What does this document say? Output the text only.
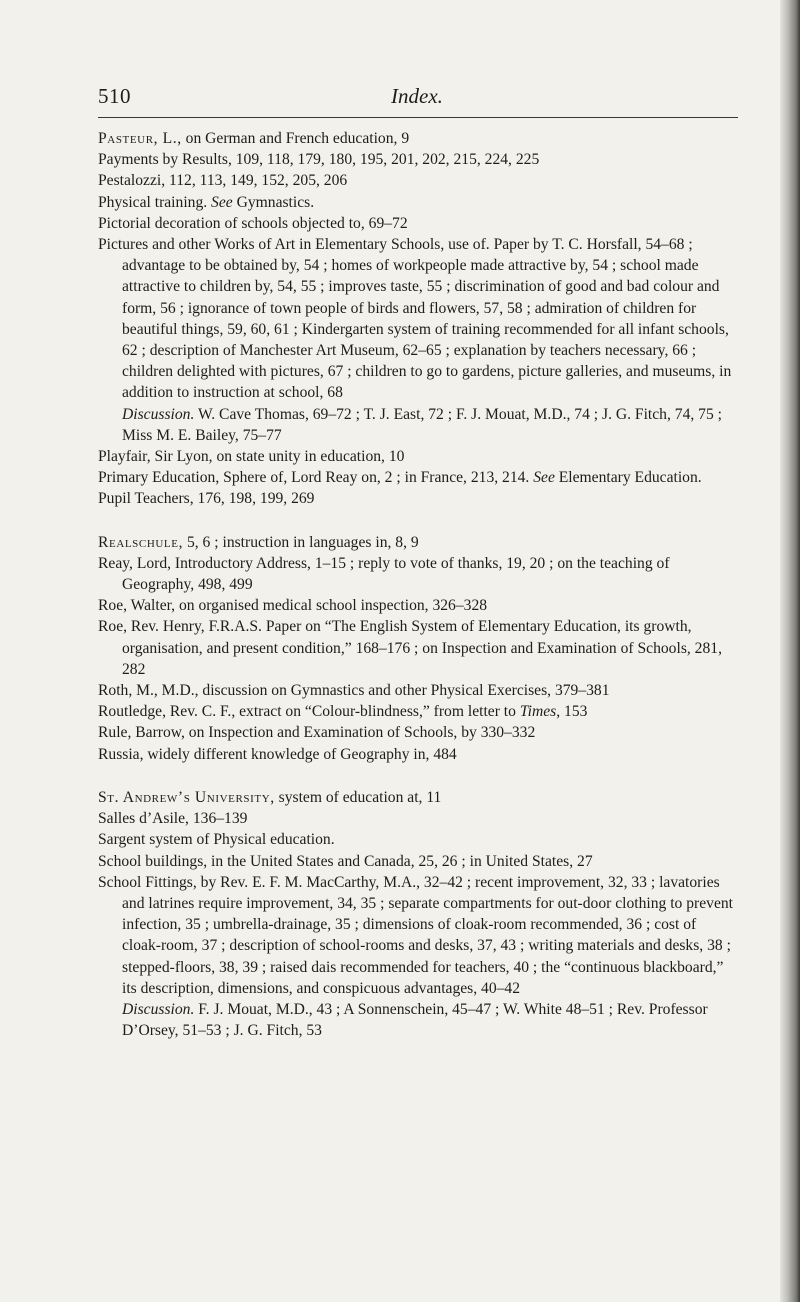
510	Index.

Pasteur, L., on German and French education, 9

Payments by Results, 109, 118, 179, 180, 195, 201, 202, 215, 224, 225

Pestalozzi, 112, 113, 149, 152, 205, 206

Physical training. See Gymnastics.

Pictorial decoration of schools objected to, 69–72

Pictures and other Works of Art in Elementary Schools, use of. Paper by T. C. Horsfall, 54–68 ; advantage to be obtained by, 54 ; homes of workpeople made attractive by, 54 ; school made attractive to children by, 54, 55 ; improves taste, 55 ; discrimination of good and bad colour and form, 56 ; ignorance of town people of birds and flowers, 57, 58 ; admiration of children for beautiful things, 59, 60, 61 ; Kindergarten system of training recommended for all infant schools, 62 ; description of Manchester Art Museum, 62–65 ; explanation by teachers necessary, 66 ; children delighted with pictures, 67 ; children to go to gardens, picture galleries, and museums, in addition to instruction at school, 68

Discussion. W. Cave Thomas, 69–72 ; T. J. East, 72 ; F. J. Mouat, M.D., 74 ; J. G. Fitch, 74, 75 ; Miss M. E. Bailey, 75–77

Playfair, Sir Lyon, on state unity in education, 10

Primary Education, Sphere of, Lord Reay on, 2 ; in France, 213, 214. See Elementary Education.

Pupil Teachers, 176, 198, 199, 269

Realschule, 5, 6 ; instruction in languages in, 8, 9

Reay, Lord, Introductory Address, 1–15 ; reply to vote of thanks, 19, 20 ; on the teaching of Geography, 498, 499

Roe, Walter, on organised medical school inspection, 326–328

Roe, Rev. Henry, F.R.A.S. Paper on “The English System of Elementary Education, its growth, organisation, and present condition,” 168–176 ; on Inspection and Examination of Schools, 281, 282

Roth, M., M.D., discussion on Gymnastics and other Physical Exercises, 379–381

Routledge, Rev. C. F., extract on “Colour-blindness,” from letter to Times, 153

Rule, Barrow, on Inspection and Examination of Schools, by 330–332

Russia, widely different knowledge of Geography in, 484

St. Andrew’s University, system of education at, 11

Salles d’Asile, 136–139

Sargent system of Physical education.

School buildings, in the United States and Canada, 25, 26 ; in United States, 27

School Fittings, by Rev. E. F. M. MacCarthy, M.A., 32–42 ; recent improvement, 32, 33 ; lavatories and latrines require improvement, 34, 35 ; separate compartments for out-door clothing to prevent infection, 35 ; umbrella-drainage, 35 ; dimensions of cloak-room recommended, 36 ; cost of cloak-room, 37 ; description of school-rooms and desks, 37, 43 ; writing materials and desks, 38 ; stepped-floors, 38, 39 ; raised dais recommended for teachers, 40 ; the “continuous blackboard,” its description, dimensions, and conspicuous advantages, 40–42

Discussion. F. J. Mouat, M.D., 43 ; A Sonnenschein, 45–47 ; W. White 48–51 ; Rev. Professor D’Orsey, 51–53 ; J. G. Fitch, 53
